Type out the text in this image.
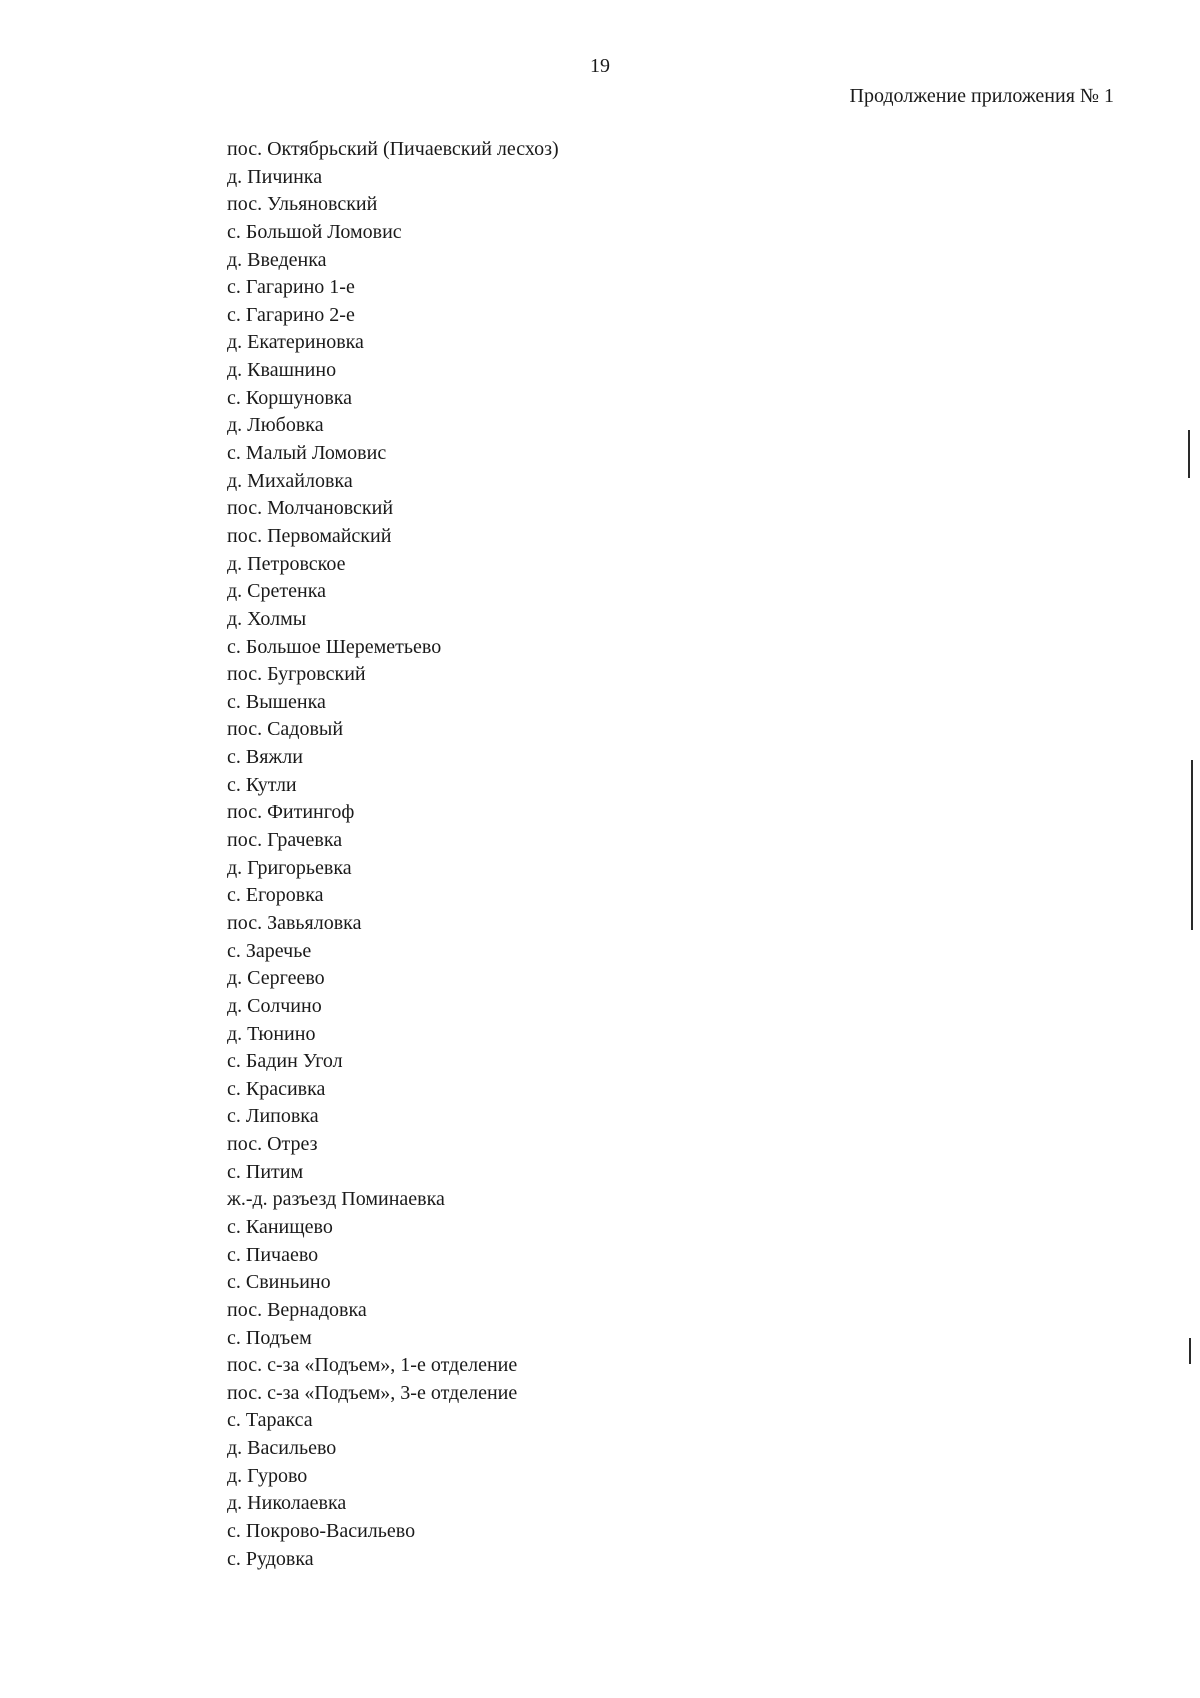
19
Продолжение приложения № 1
пос. Октябрьский (Пичаевский лесхоз)
д. Пичинка
пос. Ульяновский
с. Большой Ломовис
д. Введенка
с. Гагарино 1-е
с. Гагарино 2-е
д. Екатериновка
д. Квашнино
с. Коршуновка
д. Любовка
с. Малый Ломовис
д. Михайловка
пос. Молчановский
пос. Первомайский
д. Петровское
д. Сретенка
д. Холмы
с. Большое Шереметьево
пос. Бугровский
с. Вышенка
пос. Садовый
с. Вяжли
с. Кутли
пос. Фитингоф
пос. Грачевка
д. Григорьевка
с. Егоровка
пос. Завьяловка
с. Заречье
д. Сергеево
д. Солчино
д. Тюнино
с. Бадин Угол
с. Красивка
с. Липовка
пос. Отрез
с. Питим
ж.-д. разъезд Поминаевка
с. Канищево
с. Пичаево
с. Свиньино
пос. Вернадовка
с. Подъем
пос. с-за «Подъем», 1-е отделение
пос. с-за «Подъем», 3-е отделение
с. Таракса
д. Васильево
д. Гурово
д. Николаевка
с. Покрово-Васильево
с. Рудовка
